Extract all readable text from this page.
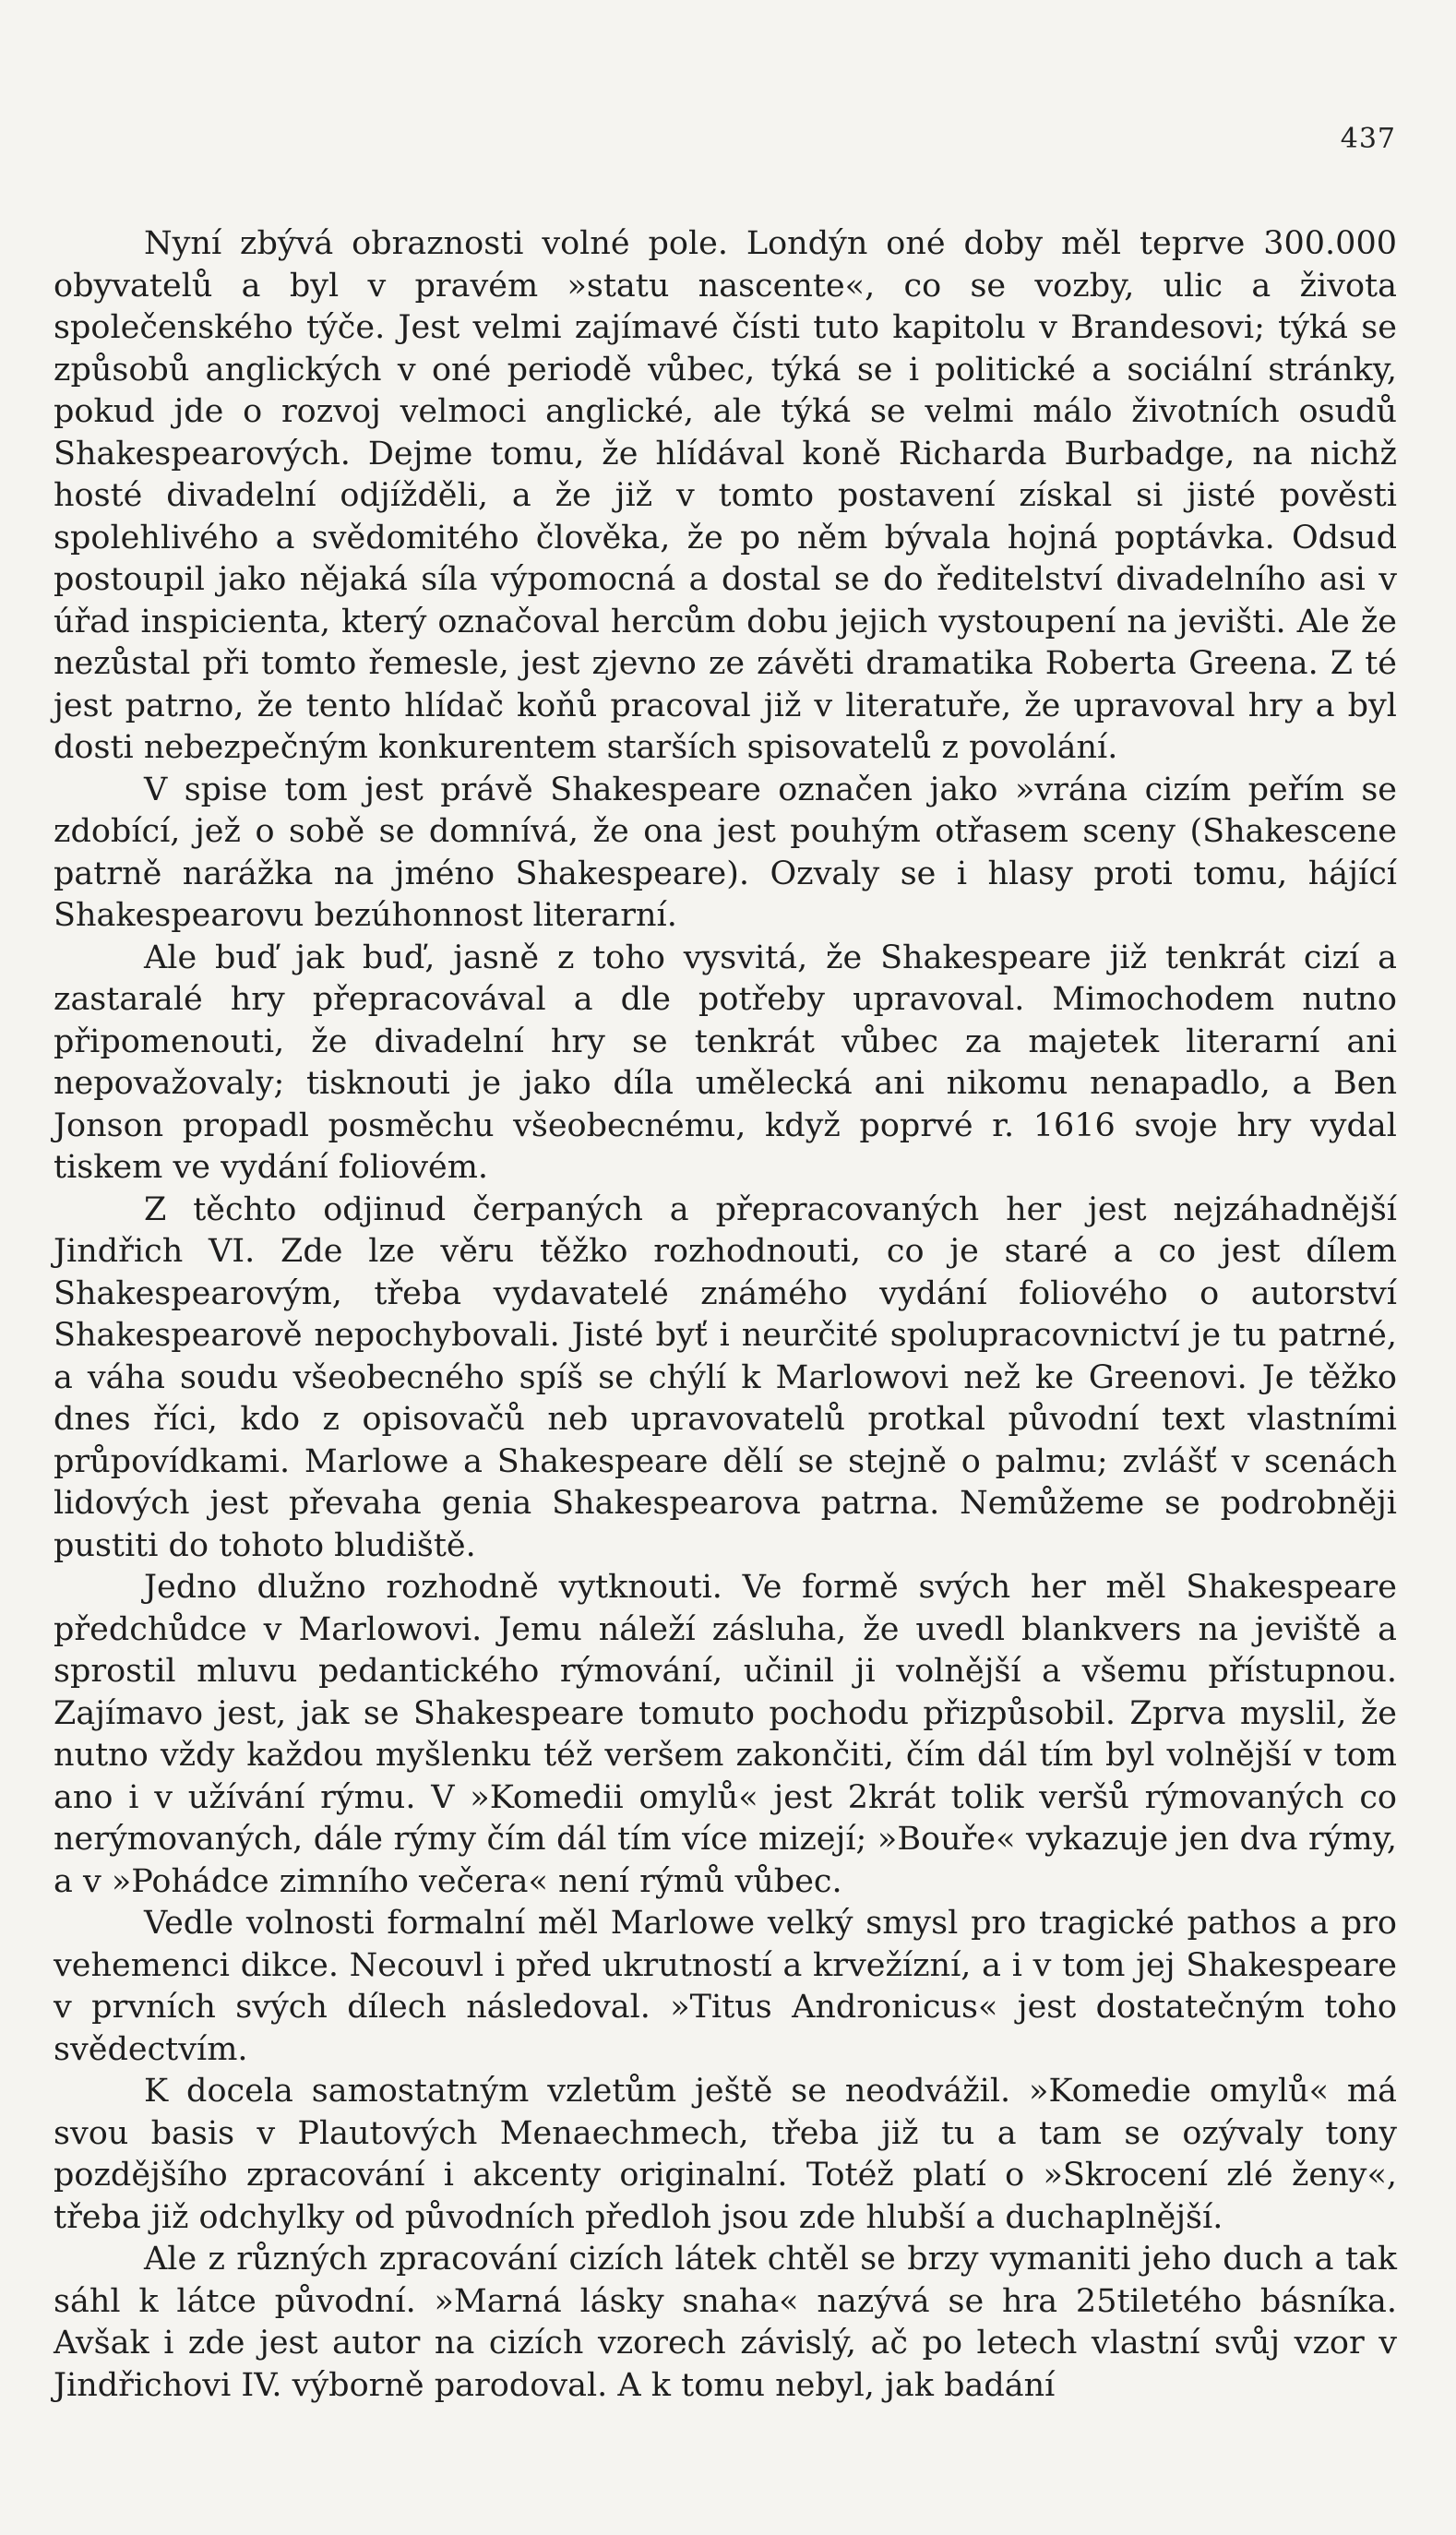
437

Nyní zbývá obraznosti volné pole. Londýn oné doby měl teprve 300.000 obyvatelů a byl v pravém »statu nascente«, co se vozby, ulic a života společenského týče. Jest velmi zajímavé čísti tuto kapitolu v Brandesovi; týká se způsobů anglických v oné periodě vůbec, týká se i politické a sociální stránky, pokud jde o rozvoj velmoci anglické, ale týká se velmi málo životních osudů Shakespearových. Dejme tomu, že hlídával koně Richarda Burbadge, na nichž hosté divadelní odjížděli, a že již v tomto postavení získal si jisté pověsti spolehlivého a svědomitého člověka, že po něm bývala hojná poptávka. Odsud postoupil jako nějaká síla výpomocná a dostal se do ředitelství divadelního asi v úřad inspicienta, který označoval hercům dobu jejich vystoupení na jevišti. Ale že nezůstal při tomto řemesle, jest zjevno ze závěti dramatika Roberta Greena. Z té jest patrno, že tento hlídač koňů pracoval již v literatuře, že upravoval hry a byl dosti nebezpečným konkurentem starších spisovatelů z povolání.

V spise tom jest právě Shakespeare označen jako »vrána cizím peřím se zdobící, jež o sobě se domnívá, že ona jest pouhým otřasem sceny (Shakescene patrně narážka na jméno Shakespeare). Ozvaly se i hlasy proti tomu, hájící Shakespearovu bezúhonnost literarní.

Ale buď jak buď, jasně z toho vysvitá, že Shakespeare již tenkrát cizí a zastaralé hry přepracovával a dle potřeby upravoval. Mimochodem nutno připomenouti, že divadelní hry se tenkrát vůbec za majetek literarní ani nepovažovaly; tisknouti je jako díla umělecká ani nikomu nenapadlo, a Ben Jonson propadl posměchu všeobecnému, když poprvé r. 1616 svoje hry vydal tiskem ve vydání foliovém.

Z těchto odjinud čerpaných a přepracovaných her jest nejzáhadnější Jindřich VI. Zde lze věru těžko rozhodnouti, co je staré a co jest dílem Shakespearovým, třeba vydavatelé známého vydání foliového o autorství Shakespearově nepochybovali. Jisté byť i neurčité spolupracovnictví je tu patrné, a váha soudu všeobecného spíš se chýlí k Marlowovi než ke Greenovi. Je těžko dnes říci, kdo z opisovačů neb upravovatelů protkal původní text vlastními průpovídkami. Marlowe a Shakespeare dělí se stejně o palmu; zvlášť v scenách lidových jest převaha genia Shakespearova patrna. Nemůžeme se podrobněji pustiti do tohoto bludiště.

Jedno dlužno rozhodně vytknouti. Ve formě svých her měl Shakespeare předchůdce v Marlowovi. Jemu náleží zásluha, že uvedl blankvers na jeviště a sprostil mluvu pedantického rýmování, učinil ji volnější a všemu přístupnou. Zajímavo jest, jak se Shakespeare tomuto pochodu přizpůsobil. Zprva myslil, že nutno vždy každou myšlenku též veršem zakončiti, čím dál tím byl volnější v tom ano i v užívání rýmu. V »Komedii omylů« jest 2krát tolik veršů rýmovaných co nerýmovaných, dále rýmy čím dál tím více mizejí; »Bouře« vykazuje jen dva rýmy, a v »Pohádce zimního večera« není rýmů vůbec.

Vedle volnosti formalní měl Marlowe velký smysl pro tragické pathos a pro vehemenci dikce. Necouvl i před ukrutností a krvežízní, a i v tom jej Shakespeare v prvních svých dílech následoval. »Titus Andronicus« jest dostatečným toho svědectvím.

K docela samostatným vzletům ještě se neodvážil. »Komedie omylů« má svou basis v Plautových Menaechmech, třeba již tu a tam se ozývaly tony pozdějšího zpracování i akcenty originalní. Totéž platí o »Skrocení zlé ženy«, třeba již odchylky od původních předloh jsou zde hlubší a duchaplnější.

Ale z různých zpracování cizích látek chtěl se brzy vymaniti jeho duch a tak sáhl k látce původní. »Marná lásky snaha« nazývá se hra 25tiletého básníka. Avšak i zde jest autor na cizích vzorech závislý, ač po letech vlastní svůj vzor v Jindřichovi IV. výborně parodoval. A k tomu nebyl, jak badání
